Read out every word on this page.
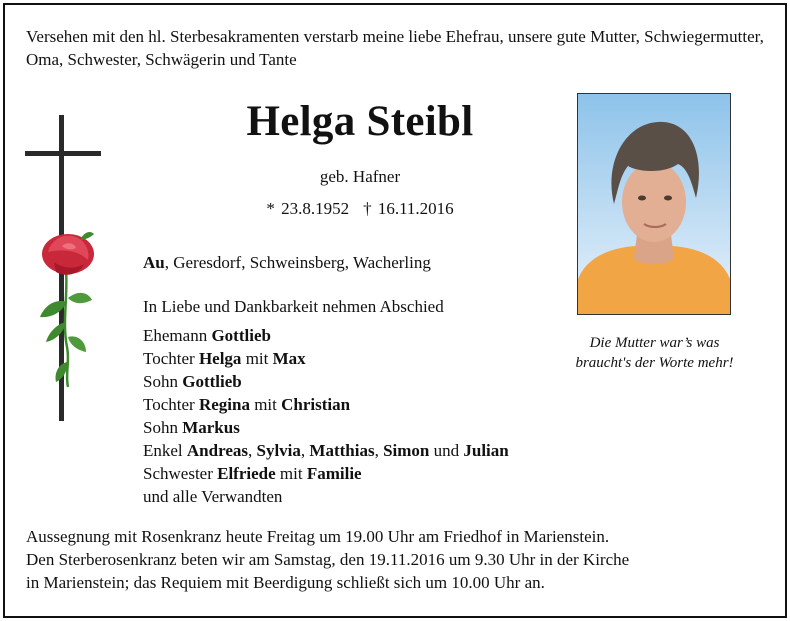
Versehen mit den hl. Sterbesakramenten verstarb meine liebe Ehefrau, unsere gute Mutter, Schwiegermutter, Oma, Schwester, Schwägerin und Tante
Helga Steibl
geb. Hafner
* 23.8.1952 † 16.11.2016
Au, Geresdorf, Schweinsberg, Wacherling
In Liebe und Dankbarkeit nehmen Abschied
Ehemann Gottlieb
Tochter Helga mit Max
Sohn Gottlieb
Tochter Regina mit Christian
Sohn Markus
Enkel Andreas, Sylvia, Matthias, Simon und Julian
Schwester Elfriede mit Familie
und alle Verwandten
Die Mutter war’s was
braucht's der Worte mehr!
Aussegnung mit Rosenkranz heute Freitag um 19.00 Uhr am Friedhof in Marienstein.
Den Sterberosenkranz beten wir am Samstag, den 19.11.2016 um 9.30 Uhr in der Kirche
in Marienstein; das Requiem mit Beerdigung schließt sich um 10.00 Uhr an.
